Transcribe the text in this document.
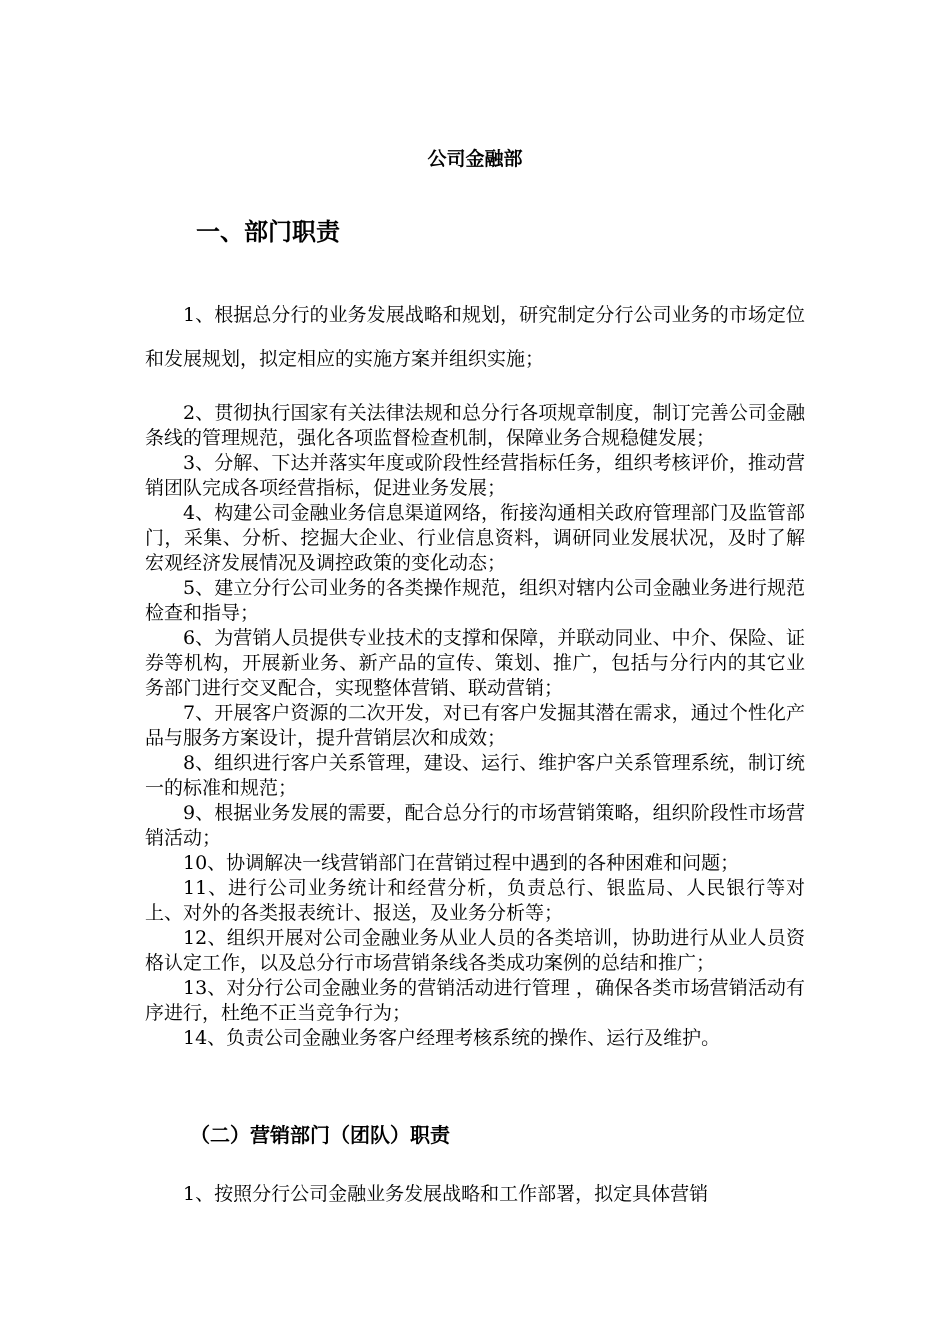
公司金融部
一、部门职责

1、根据总分行的业务发展战略和规划，研究制定分行公司业务的市场定位和发展规划，拟定相应的实施方案并组织实施；

2、贯彻执行国家有关法律法规和总分行各项规章制度，制订完善公司金融条线的管理规范，强化各项监督检查机制，保障业务合规稳健发展；
3、分解、下达并落实年度或阶段性经营指标任务，组织考核评价，推动营销团队完成各项经营指标，促进业务发展；
4、构建公司金融业务信息渠道网络，衔接沟通相关政府管理部门及监管部门，采集、分析、挖掘大企业、行业信息资料，调研同业发展状况，及时了解宏观经济发展情况及调控政策的变化动态；
5、建立分行公司业务的各类操作规范，组织对辖内公司金融业务进行规范检查和指导；
6、为营销人员提供专业技术的支撑和保障，并联动同业、中介、保险、证券等机构，开展新业务、新产品的宣传、策划、推广，包括与分行内的其它业务部门进行交叉配合，实现整体营销、联动营销；
7、开展客户资源的二次开发，对已有客户发掘其潜在需求，通过个性化产品与服务方案设计，提升营销层次和成效；
8、组织进行客户关系管理，建设、运行、维护客户关系管理系统，制订统一的标准和规范；
9、根据业务发展的需要，配合总分行的市场营销策略，组织阶段性市场营销活动；
10、协调解决一线营销部门在营销过程中遇到的各种困难和问题；
11、进行公司业务统计和经营分析，负责总行、银监局、人民银行等对上、对外的各类报表统计、报送，及业务分析等；
12、组织开展对公司金融业务从业人员的各类培训，协助进行从业人员资格认定工作，以及总分行市场营销条线各类成功案例的总结和推广；
13、对分行公司金融业务的营销活动进行管理 ，确保各类市场营销活动有序进行，杜绝不正当竞争行为；
14、负责公司金融业务客户经理考核系统的操作、运行及维护。
（二）营销部门（团队）职责

1、按照分行公司金融业务发展战略和工作部署，拟定具体营销
